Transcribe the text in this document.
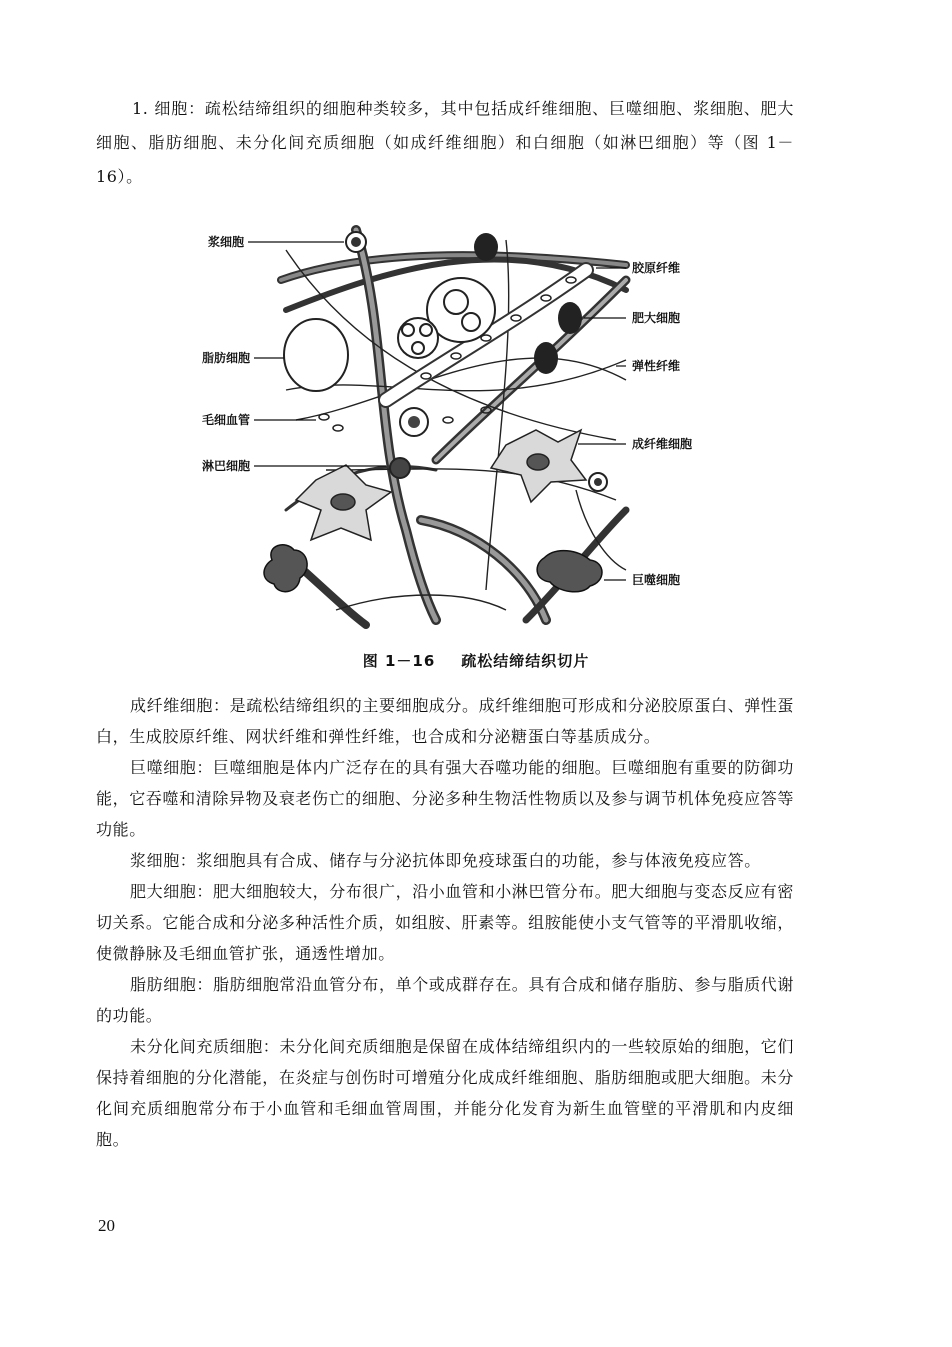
1. 细胞：疏松结缔组织的细胞种类较多，其中包括成纤维细胞、巨噬细胞、浆细胞、肥大细胞、脂肪细胞、未分化间充质细胞（如成纤维细胞）和白细胞（如淋巴细胞）等（图 1－16）。

浆细胞
脂肪细胞
毛细血管
淋巴细胞
胶原纤维
肥大细胞
弹性纤维
成纤维细胞
巨噬细胞
图 1－16 疏松结缔结织切片

成纤维细胞：是疏松结缔组织的主要细胞成分。成纤维细胞可形成和分泌胶原蛋白、弹性蛋白，生成胶原纤维、网状纤维和弹性纤维，也合成和分泌糖蛋白等基质成分。

巨噬细胞：巨噬细胞是体内广泛存在的具有强大吞噬功能的细胞。巨噬细胞有重要的防御功能，它吞噬和清除异物及衰老伤亡的细胞、分泌多种生物活性物质以及参与调节机体免疫应答等功能。

浆细胞：浆细胞具有合成、储存与分泌抗体即免疫球蛋白的功能，参与体液免疫应答。

肥大细胞：肥大细胞较大，分布很广，沿小血管和小淋巴管分布。肥大细胞与变态反应有密切关系。它能合成和分泌多种活性介质，如组胺、肝素等。组胺能使小支气管等的平滑肌收缩，使微静脉及毛细血管扩张，通透性增加。

脂肪细胞：脂肪细胞常沿血管分布，单个或成群存在。具有合成和储存脂肪、参与脂质代谢的功能。

未分化间充质细胞：未分化间充质细胞是保留在成体结缔组织内的一些较原始的细胞，它们保持着细胞的分化潜能，在炎症与创伤时可增殖分化成成纤维细胞、脂肪细胞或肥大细胞。未分化间充质细胞常分布于小血管和毛细血管周围，并能分化发育为新生血管壁的平滑肌和内皮细胞。

20
